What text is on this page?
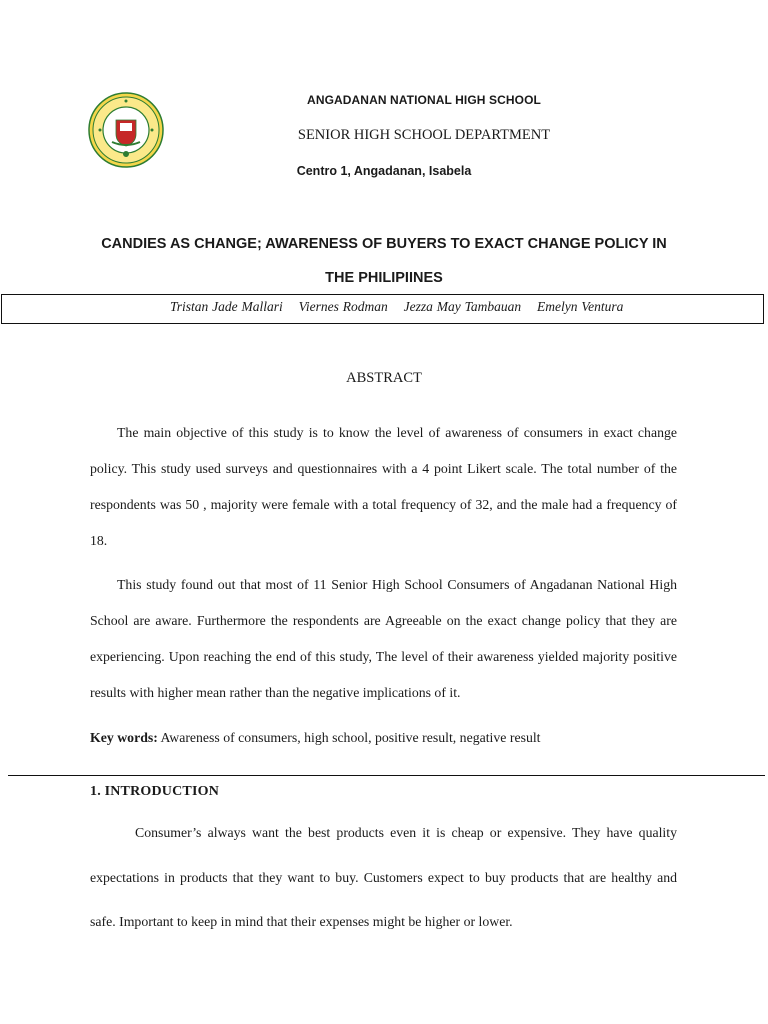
ANGADANAN NATIONAL HIGH SCHOOL
SENIOR HIGH SCHOOL DEPARTMENT
Centro 1, Angadanan, Isabela
CANDIES AS CHANGE; AWARENESS OF BUYERS TO EXACT CHANGE POLICY IN
THE PHILIPIINES
Tristan Jade Mallari Viernes Rodman Jezza May Tambauan Emelyn Ventura
ABSTRACT

The main objective of this study is to know the level of awareness of consumers in exact change policy. This study used surveys and questionnaires with a 4 point Likert scale. The total number of the respondents was 50 , majority were female with a total frequency of 32, and the male had a frequency of 18.

This study found out that most of 11 Senior High School Consumers of Angadanan National High School are aware. Furthermore the respondents are Agreeable on the exact change policy that they are experiencing. Upon reaching the end of this study, The level of their awareness yielded majority positive results with higher mean rather than the negative implications of it.

Key words: Awareness of consumers, high school, positive result, negative result
1. INTRODUCTION

Consumer’s always want the best products even it is cheap or expensive. They have quality expectations in products that they want to buy. Customers expect to buy products that are healthy and safe. Important to keep in mind that their expenses might be higher or lower.
